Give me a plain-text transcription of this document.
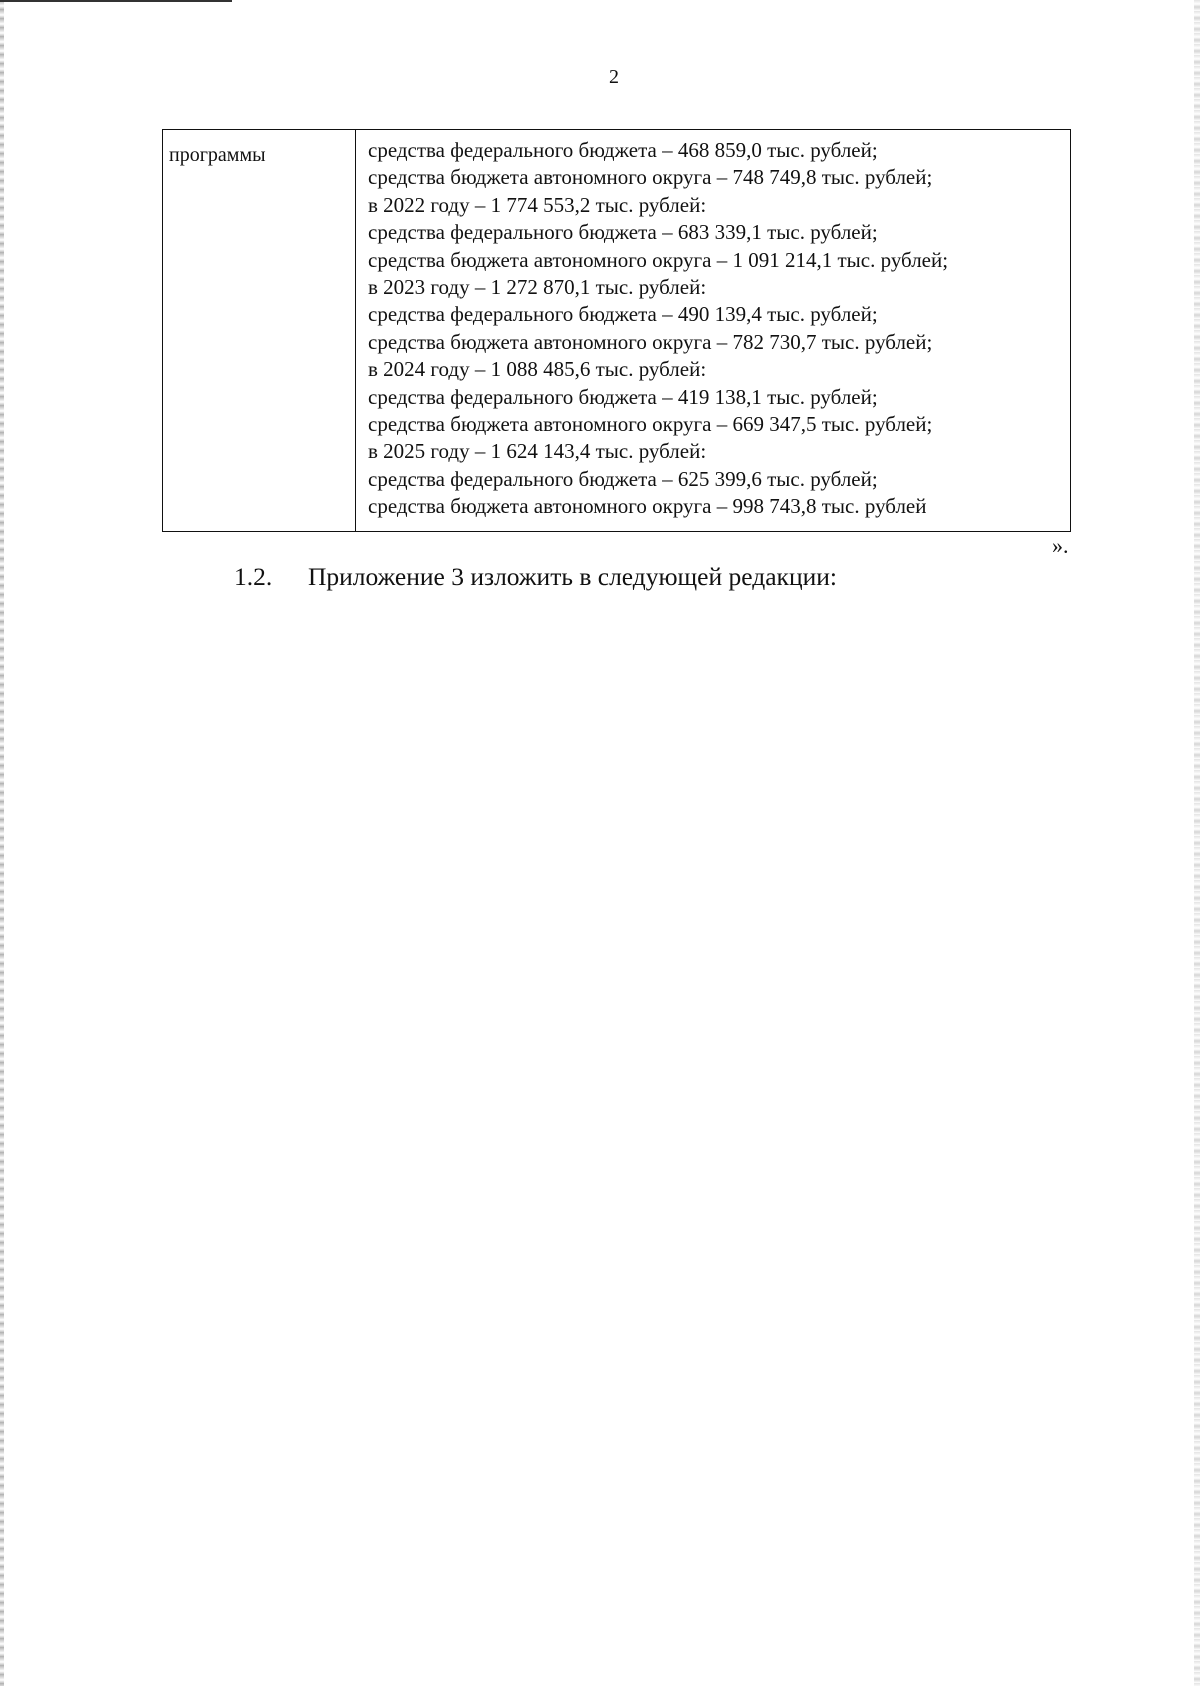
2
программы	средства федерального бюджета – 468 859,0 тыс. рублей;
средства бюджета автономного округа – 748 749,8 тыс. рублей;
в 2022 году – 1 774 553,2 тыс. рублей:
средства федерального бюджета – 683 339,1 тыс. рублей;
средства бюджета автономного округа – 1 091 214,1 тыс. рублей;
в 2023 году – 1 272 870,1 тыс. рублей:
средства федерального бюджета – 490 139,4 тыс. рублей;
средства бюджета автономного округа – 782 730,7 тыс. рублей;
в 2024 году – 1 088 485,6 тыс. рублей:
средства федерального бюджета – 419 138,1 тыс. рублей;
средства бюджета автономного округа – 669 347,5 тыс. рублей;
в 2025 году – 1 624 143,4 тыс. рублей:
средства федерального бюджета – 625 399,6 тыс. рублей;
средства бюджета автономного округа – 998 743,8 тыс. рублей
».
1.2. Приложение 3 изложить в следующей редакции:
